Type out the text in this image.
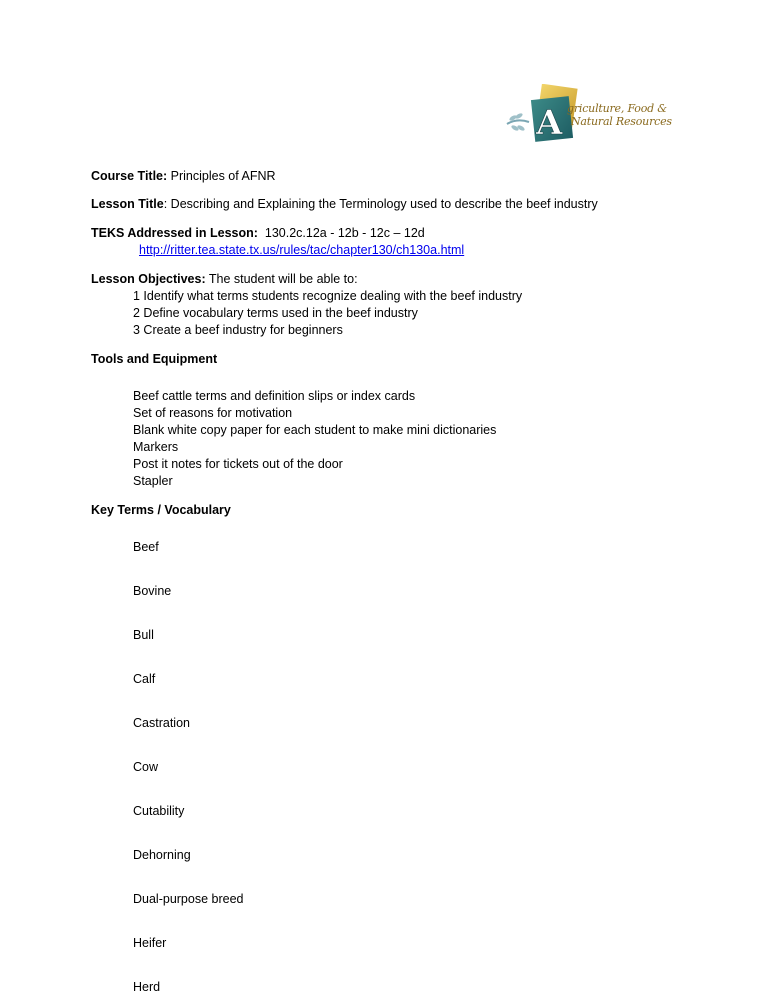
A griculture, Food &
Natural Resources
Course Title: Principles of AFNR
Lesson Title: Describing and Explaining the Terminology used to describe the beef industry
TEKS Addressed in Lesson:  130.2c.12a - 12b - 12c – 12d
http://ritter.tea.state.tx.us/rules/tac/chapter130/ch130a.html
Lesson Objectives: The student will be able to:
1 Identify what terms students recognize dealing with the beef industry
2 Define vocabulary terms used in the beef industry
3 Create a beef industry for beginners
Tools and Equipment
Beef cattle terms and definition slips or index cards
Set of reasons for motivation
Blank white copy paper for each student to make mini dictionaries
Markers
Post it notes for tickets out of the door
Stapler
Key Terms / Vocabulary
Beef
Bovine
Bull
Calf
Castration
Cow
Cutability
Dehorning
Dual-purpose breed
Heifer
Herd
